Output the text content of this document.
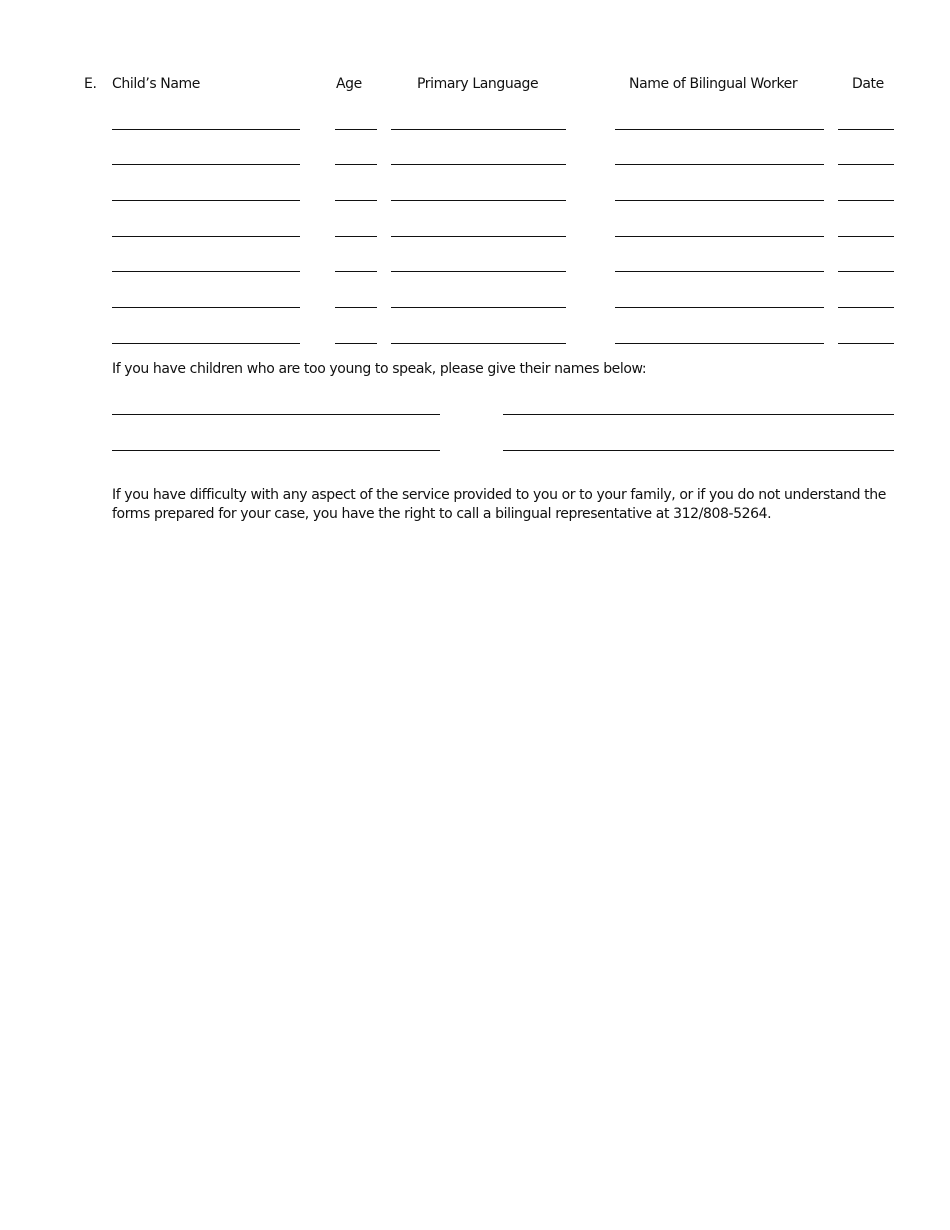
E. Child’s Name	Age	Primary Language	Name of Bilingual Worker	Date
If you have children who are too young to speak, please give their names below:

If you have difficulty with any aspect of the service provided to you or to your family, or if you do not understand the forms prepared for your case, you have the right to call a bilingual representative at 312/808-5264.
